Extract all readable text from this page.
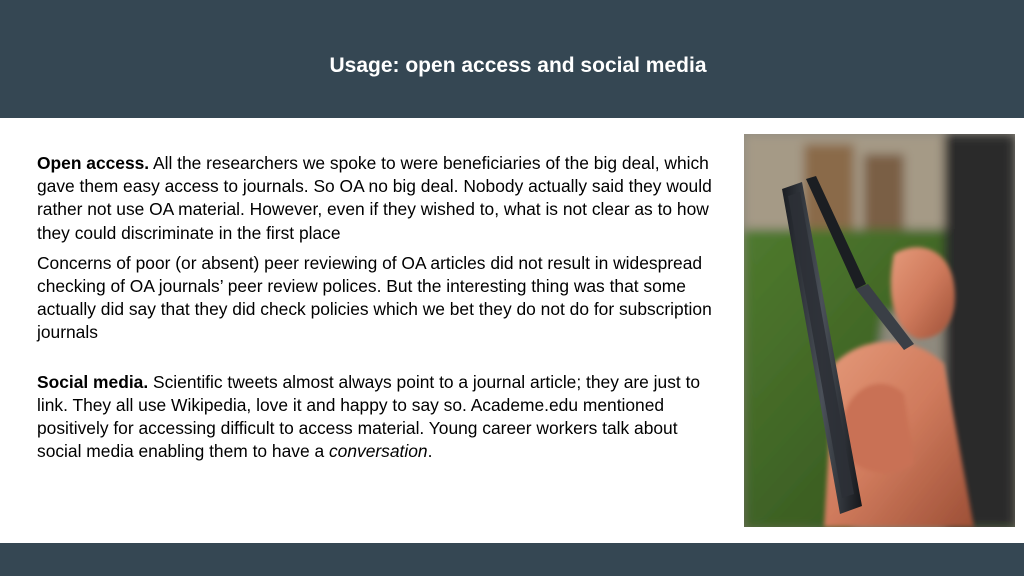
Usage: open access and social media

Open access. All the researchers we spoke to were beneficiaries of the big deal, which gave them easy access to journals. So OA no big deal. Nobody actually said they would rather not use OA material. However, even if they wished to, what is not clear as to how they could discriminate in the first place

Concerns of poor (or absent) peer reviewing of OA articles did not result in widespread checking of OA journals’ peer review polices. But the interesting thing was that some actually did say that they did check policies which we bet they do not do for subscription journals

Social media. Scientific tweets almost always point to a journal article; they are just to link. They all use Wikipedia, love it and happy to say so. Academe.edu mentioned positively for accessing difficult to access material. Young career workers talk about social media enabling them to have a conversation.
